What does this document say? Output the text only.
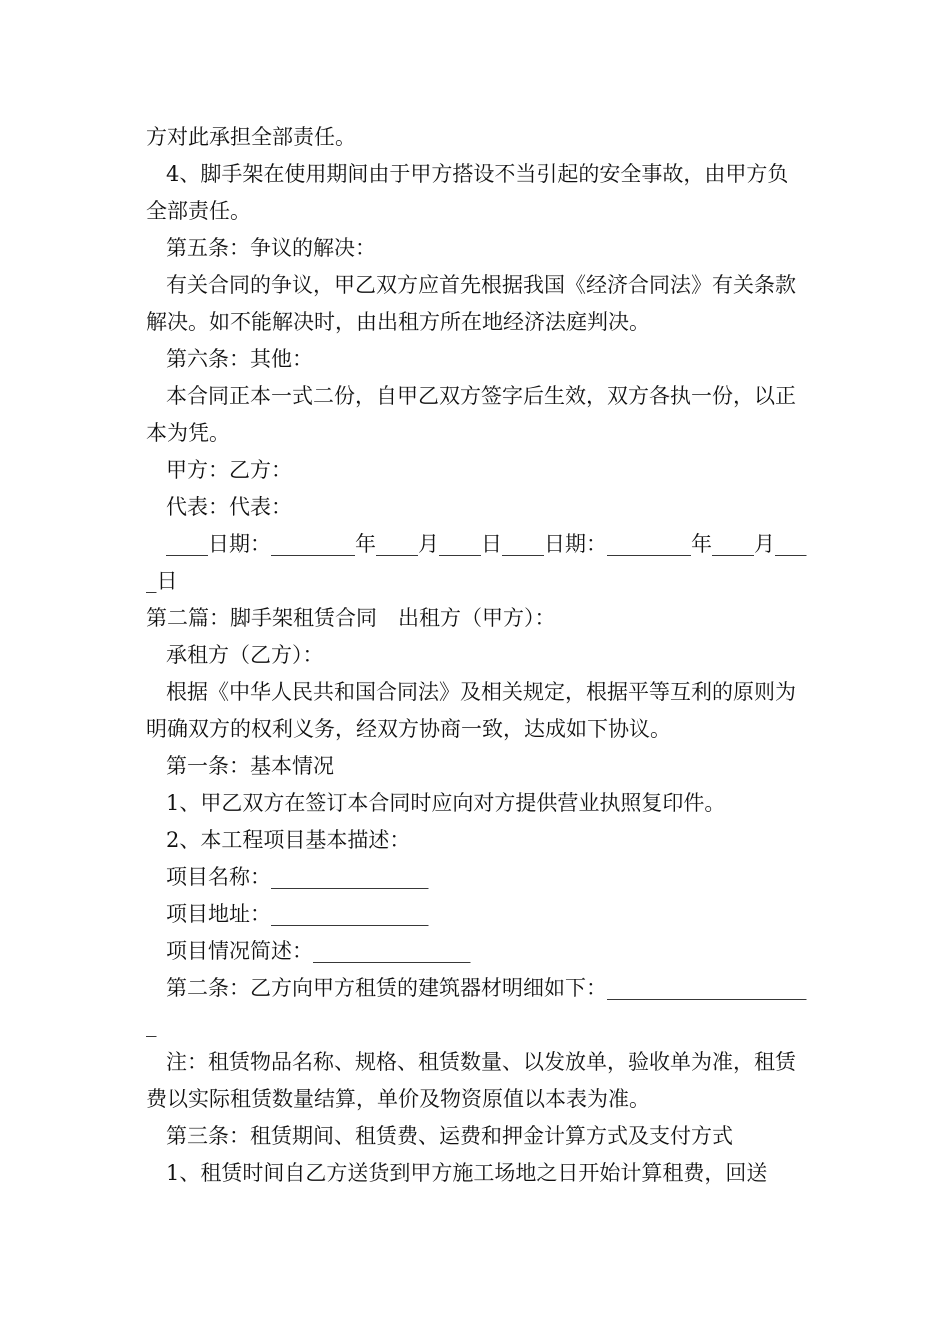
方对此承担全部责任。

4、脚手架在使用期间由于甲方搭设不当引起的安全事故，由甲方负全部责任。

第五条：争议的解决：

有关合同的争议，甲乙双方应首先根据我国《经济合同法》有关条款解决。如不能解决时，由出租方所在地经济法庭判决。

第六条：其他：

本合同正本一式二份，自甲乙双方签字后生效，双方各执一份，以正本为凭。

甲方：乙方：

代表：代表：

____日期：________年____月____日____日期：________年____月____日

第二篇：脚手架租赁合同　出租方（甲方）：

承租方（乙方）：

根据《中华人民共和国合同法》及相关规定，根据平等互利的原则为明确双方的权利义务，经双方协商一致，达成如下协议。

第一条：基本情况

1、甲乙双方在签订本合同时应向对方提供营业执照复印件。

2、本工程项目基本描述：

项目名称：_______________

项目地址：_______________

项目情况简述：_______________

第二条：乙方向甲方租赁的建筑器材明细如下：____________________

注：租赁物品名称、规格、租赁数量、以发放单，验收单为准，租赁费以实际租赁数量结算，单价及物资原值以本表为准。

第三条：租赁期间、租赁费、运费和押金计算方式及支付方式

1、租赁时间自乙方送货到甲方施工场地之日开始计算租费，回送
